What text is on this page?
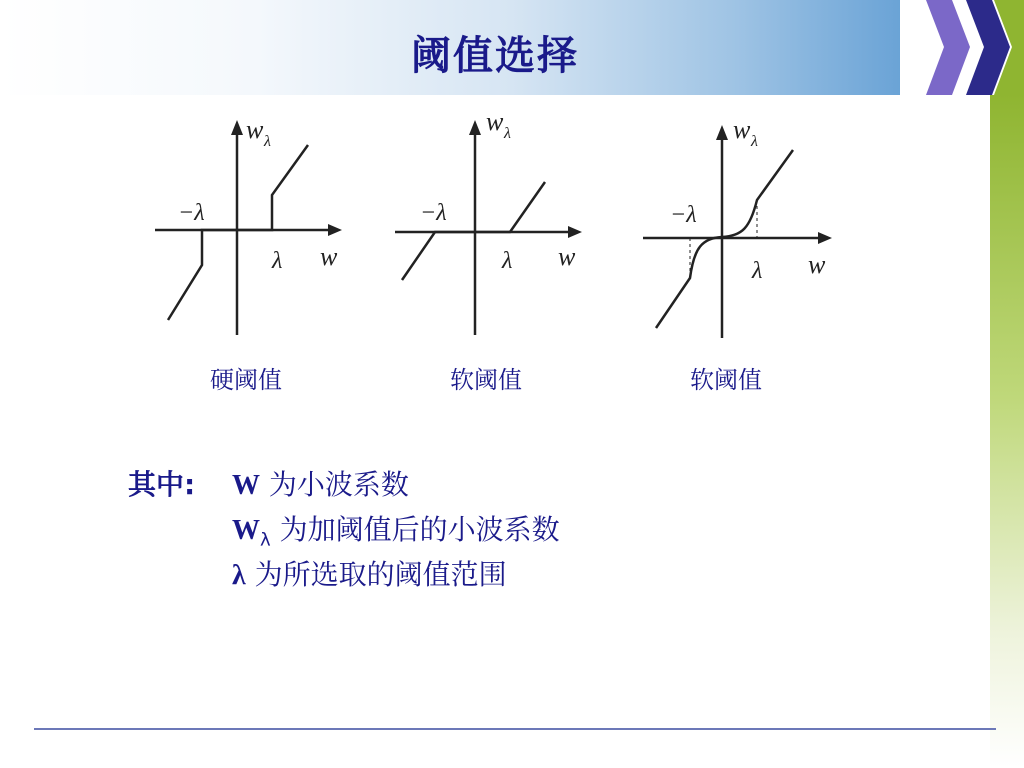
阈值选择
w λ
−λ
λ w
w λ
−λ
λ w
w λ
−λ
λ w
硬阈值	软阈值	软阈值
其中: W 为小波系数
$W_\lambda$ 为加阈值后的小波系数
λ 为所选取的阈值范围
